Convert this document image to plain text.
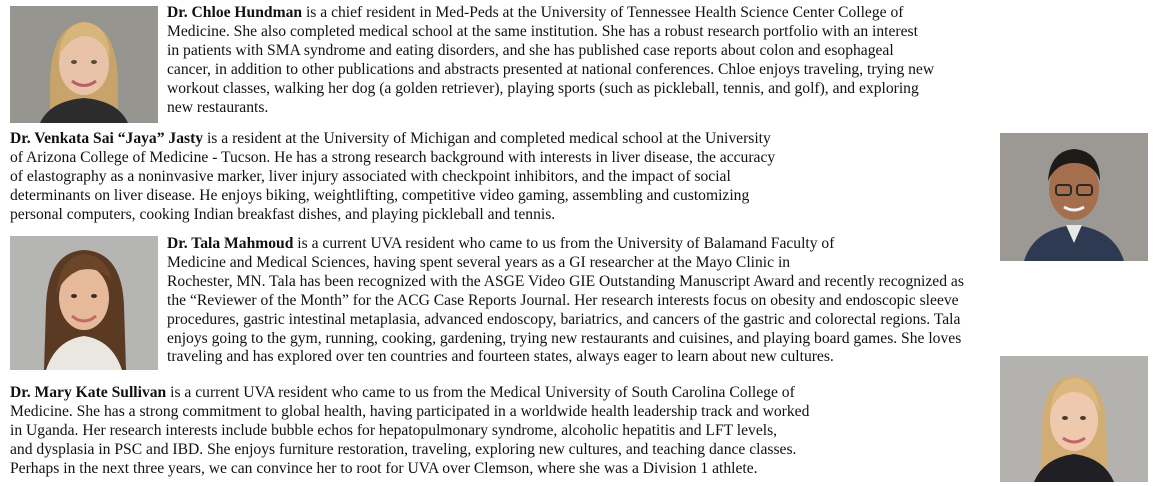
Dr. Chloe Hundman is a chief resident in Med-Peds at the University of Tennessee Health Science Center College of
Medicine. She also completed medical school at the same institution. She has a robust research portfolio with an interest
in patients with SMA syndrome and eating disorders, and she has published case reports about colon and esophageal
cancer, in addition to other publications and abstracts presented at national conferences. Chloe enjoys traveling, trying new
workout classes, walking her dog (a golden retriever), playing sports (such as pickleball, tennis, and golf), and exploring
new restaurants.
Dr. Venkata Sai “Jaya” Jasty is a resident at the University of Michigan and completed medical school at the University
of Arizona College of Medicine - Tucson. He has a strong research background with interests in liver disease, the accuracy
of elastography as a noninvasive marker, liver injury associated with checkpoint inhibitors, and the impact of social
determinants on liver disease. He enjoys biking, weightlifting, competitive video gaming, assembling and customizing
personal computers, cooking Indian breakfast dishes, and playing pickleball and tennis.
Dr. Tala Mahmoud is a current UVA resident who came to us from the University of Balamand Faculty of
Medicine and Medical Sciences, having spent several years as a GI researcher at the Mayo Clinic in
Rochester, MN. Tala has been recognized with the ASGE Video GIE Outstanding Manuscript Award and recently recognized as
the “Reviewer of the Month” for the ACG Case Reports Journal. Her research interests focus on obesity and endoscopic sleeve
procedures, gastric intestinal metaplasia, advanced endoscopy, bariatrics, and cancers of the gastric and colorectal regions. Tala
enjoys going to the gym, running, cooking, gardening, trying new restaurants and cuisines, and playing board games. She loves
traveling and has explored over ten countries and fourteen states, always eager to learn about new cultures.
Dr. Mary Kate Sullivan is a current UVA resident who came to us from the Medical University of South Carolina College of
Medicine. She has a strong commitment to global health, having participated in a worldwide health leadership track and worked
in Uganda. Her research interests include bubble echos for hepatopulmonary syndrome, alcoholic hepatitis and LFT levels,
and dysplasia in PSC and IBD. She enjoys furniture restoration, traveling, exploring new cultures, and teaching dance classes.
Perhaps in the next three years, we can convince her to root for UVA over Clemson, where she was a Division 1 athlete.
